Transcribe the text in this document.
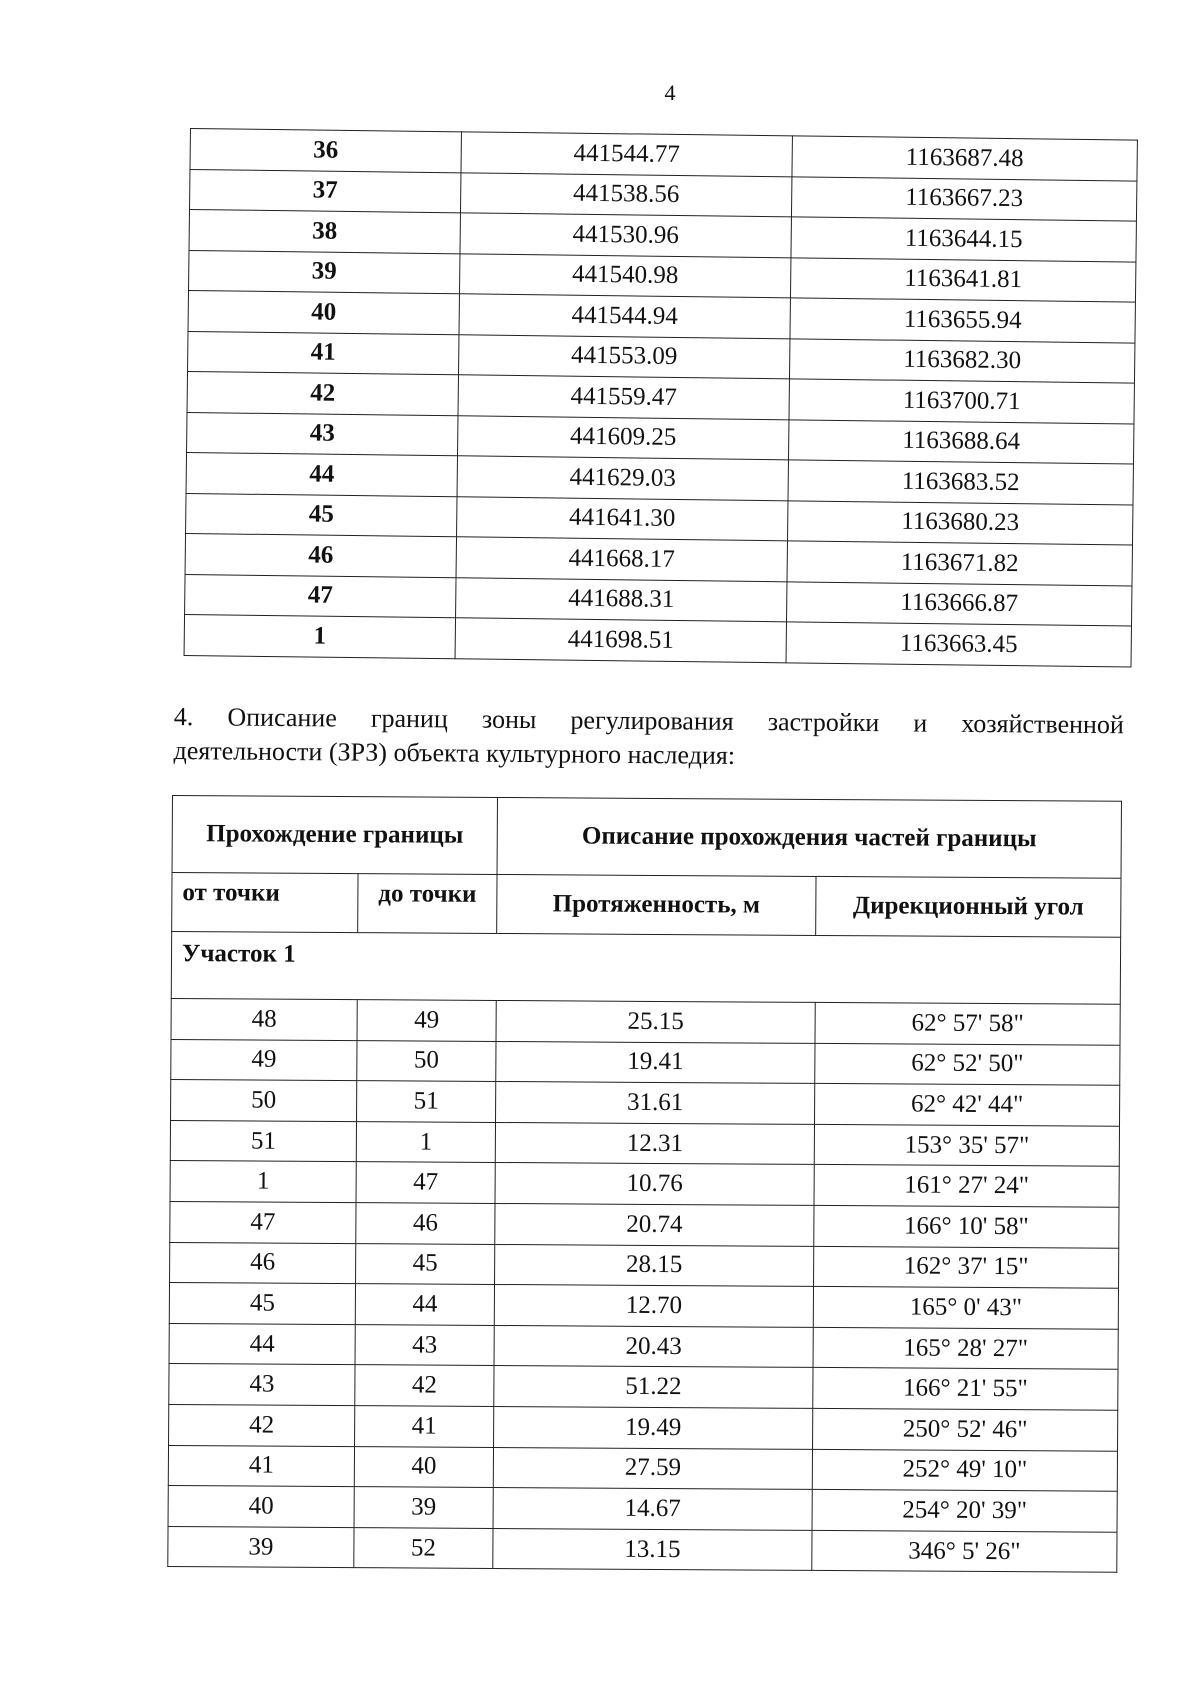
4
36	441544.77	1163687.48
37	441538.56	1163667.23
38	441530.96	1163644.15
39	441540.98	1163641.81
40	441544.94	1163655.94
41	441553.09	1163682.30
42	441559.47	1163700.71
43	441609.25	1163688.64
44	441629.03	1163683.52
45	441641.30	1163680.23
46	441668.17	1163671.82
47	441688.31	1163666.87
1	441698.51	1163663.45
4. Описание границ зоны регулирования застройки и хозяйственной
деятельности (ЗРЗ) объекта культурного наследия:
Прохождение границы		Описание прохождения частей границы	
от точки	до точки	Протяженность, м	Дирекционный угол
Участок 1			
48	49	25.15	62° 57' 58"
49	50	19.41	62° 52' 50"
50	51	31.61	62° 42' 44"
51	1	12.31	153° 35' 57"
1	47	10.76	161° 27' 24"
47	46	20.74	166° 10' 58"
46	45	28.15	162° 37' 15"
45	44	12.70	165° 0' 43"
44	43	20.43	165° 28' 27"
43	42	51.22	166° 21' 55"
42	41	19.49	250° 52' 46"
41	40	27.59	252° 49' 10"
40	39	14.67	254° 20' 39"
39	52	13.15	346° 5' 26"
